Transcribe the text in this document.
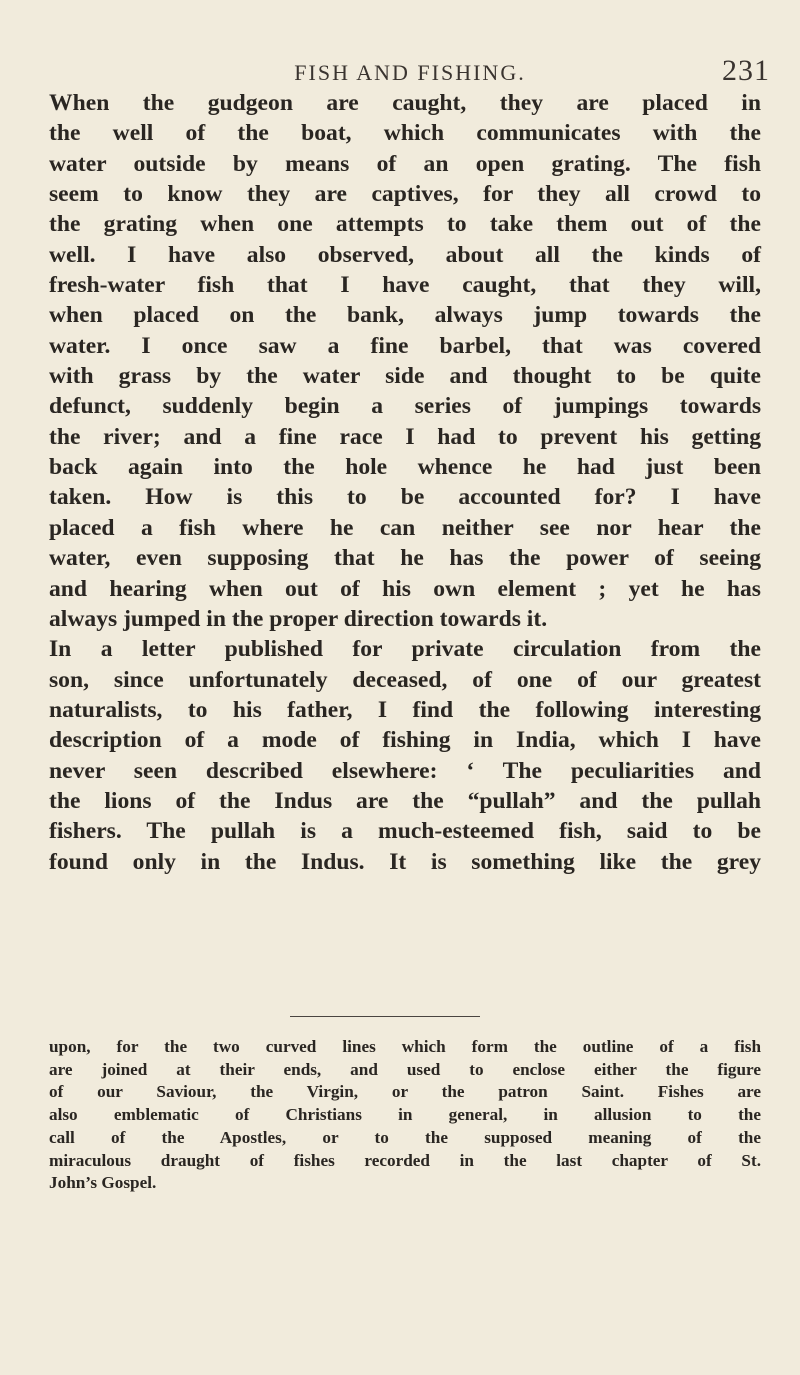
FISH AND FISHING.	231
When the gudgeon are caught, they are placed in
the well of the boat, which communicates with the
water outside by means of an open grating. The fish
seem to know they are captives, for they all crowd to
the grating when one attempts to take them out of the
well. I have also observed, about all the kinds of
fresh-water fish that I have caught, that they will,
when placed on the bank, always jump towards the
water. I once saw a fine barbel, that was covered
with grass by the water side and thought to be quite
defunct, suddenly begin a series of jumpings towards
the river; and a fine race I had to prevent his getting
back again into the hole whence he had just been
taken. How is this to be accounted for? I have
placed a fish where he can neither see nor hear the
water, even supposing that he has the power of seeing
and hearing when out of his own element ; yet he has
always jumped in the proper direction towards it.
In a letter published for private circulation from the
son, since unfortunately deceased, of one of our greatest
naturalists, to his father, I find the following interesting
description of a mode of fishing in India, which I have
never seen described elsewhere: ‘ The peculiarities and
the lions of the Indus are the “pullah” and the pullah
fishers. The pullah is a much-esteemed fish, said to be
found only in the Indus. It is something like the grey
upon, for the two curved lines which form the outline of a fish
are joined at their ends, and used to enclose either the figure
of our Saviour, the Virgin, or the patron Saint. Fishes are
also emblematic of Christians in general, in allusion to the
call of the Apostles, or to the supposed meaning of the
miraculous draught of fishes recorded in the last chapter of St.
John’s Gospel.
